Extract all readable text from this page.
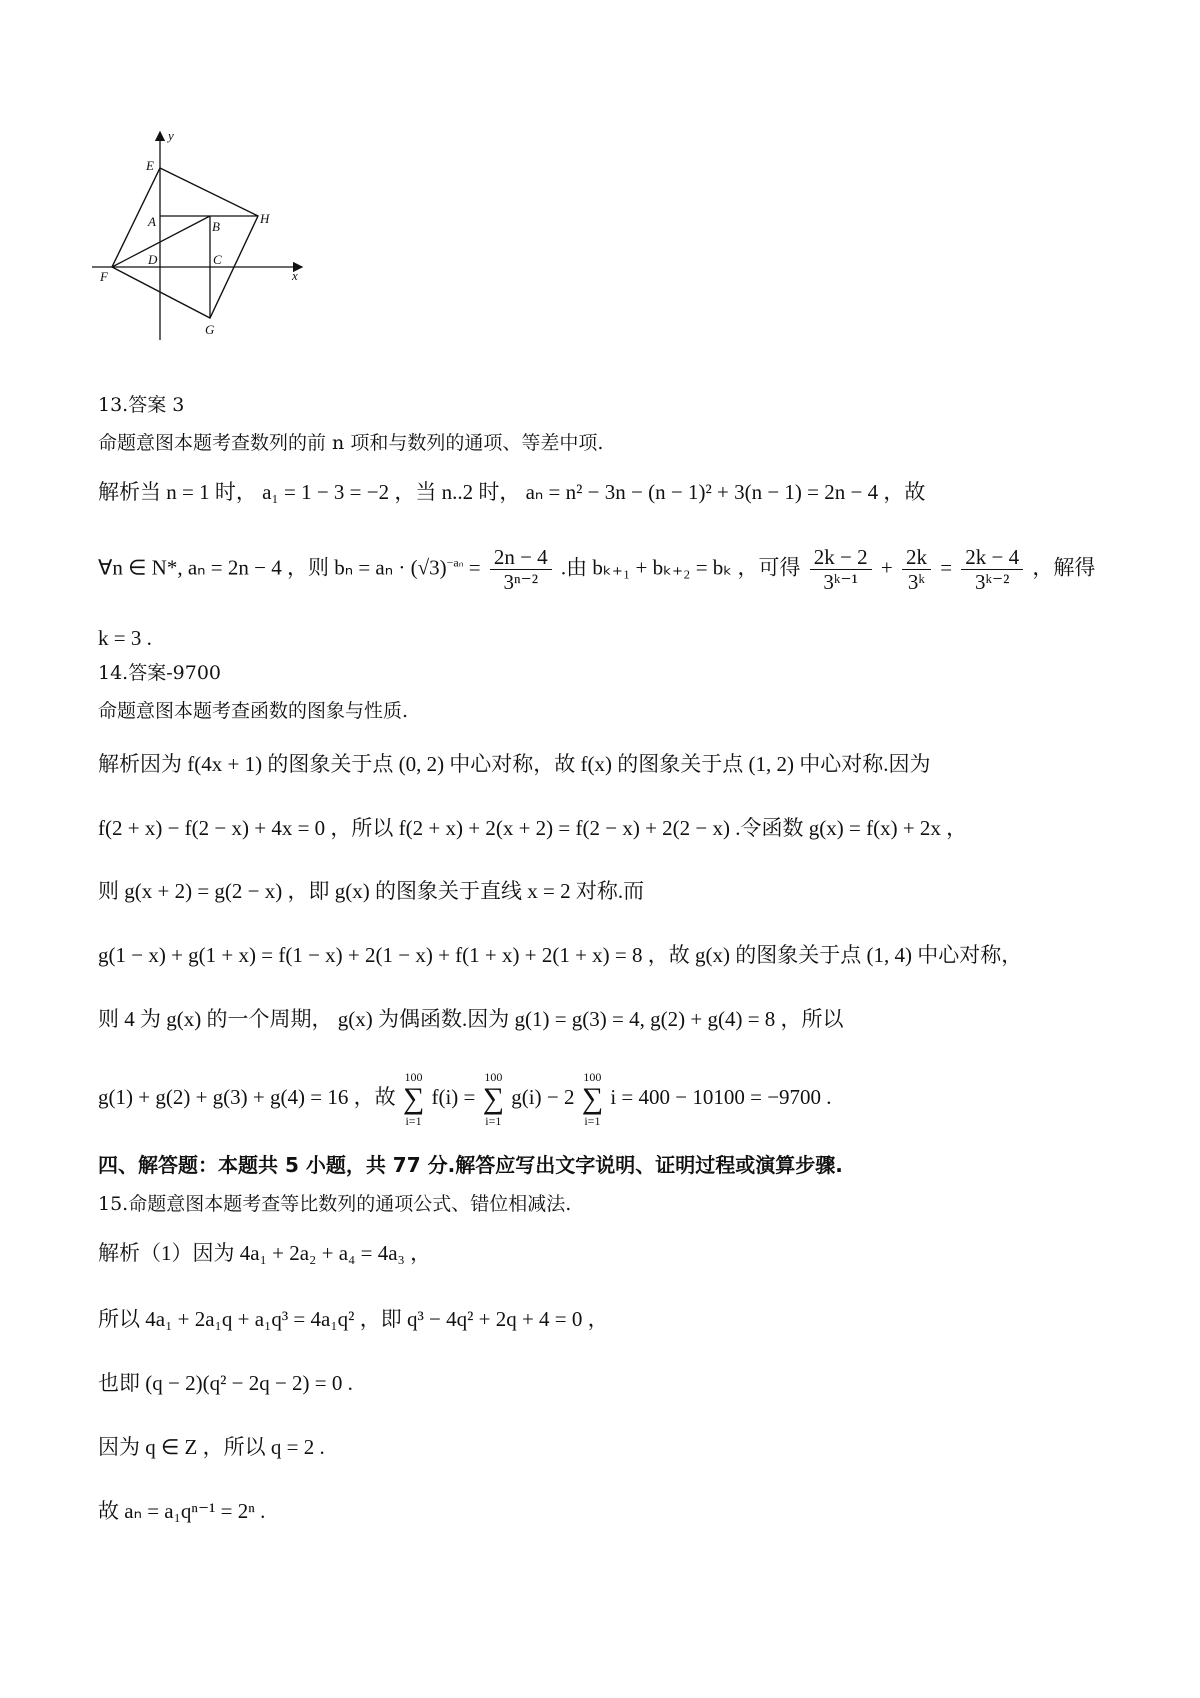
y
x
E
A	B
H
D	C
F
G
13.答案 3
命题意图本题考查数列的前 n 项和与数列的通项、等差中项.
解析当 n = 1 时， a₁ = 1 − 3 = −2 ，当 n..2 时， aₙ = n² − 3n − (n − 1)² + 3(n − 1) = 2n − 4 ，故
∀n ∈ N*, aₙ = 2n − 4 ，则 $b_n = a_n \cdot (√3)^{-a_n} = \frac{2n - 4}{\text{3ⁿ⁻²}}$ .由 bₖ₊₁ + bₖ₊₂ = bₖ ，可得 $\frac{2k - 2}{\text{3ᵏ⁻¹}} + \frac{2k}{\text{3ᵏ}} = \frac{2k - 4}{\text{3ᵏ⁻²}}$ ，解得
k = 3 .
14.答案-9700
命题意图本题考查函数的图象与性质.
解析因为 f(4x + 1) 的图象关于点 (0, 2) 中心对称，故 f(x) 的图象关于点 (1, 2) 中心对称.因为
f(2 + x) − f(2 − x) + 4x = 0 ，所以 f(2 + x) + 2(x + 2) = f(2 − x) + 2(2 − x) .令函数 g(x) = f(x) + 2x ，
则 g(x + 2) = g(2 − x) ，即 g(x) 的图象关于直线 x = 2 对称.而
g(1 − x) + g(1 + x) = f(1 − x) + 2(1 − x) + f(1 + x) + 2(1 + x) = 8 ，故 g(x) 的图象关于点 (1, 4) 中心对称，
则 4 为 g(x) 的一个周期， g(x) 为偶函数.因为 g(1) = g(3) = 4, g(2) + g(4) = 8 ，所以
g(1) + g(2) + g(3) + g(4) = 16 ，故
100
∑
i=1
f(i) =
100
∑
i=1
g(i) − 2
100
∑
i=1
i = 400 − 10100 = −9700 .
四、解答题：本题共 5 小题，共 77 分.解答应写出文字说明、证明过程或演算步骤.
15.命题意图本题考查等比数列的通项公式、错位相减法.
解析（1）因为 4a₁ + 2a₂ + a₄ = 4a₃ ，
所以 4a₁ + 2a₁q + a₁q³ = 4a₁q² ，即 q³ − 4q² + 2q + 4 = 0 ，
也即 (q − 2)(q² − 2q − 2) = 0 .
因为 q ∈ Z ，所以 q = 2 .
故 aₙ = a₁qⁿ⁻¹ = 2ⁿ .
